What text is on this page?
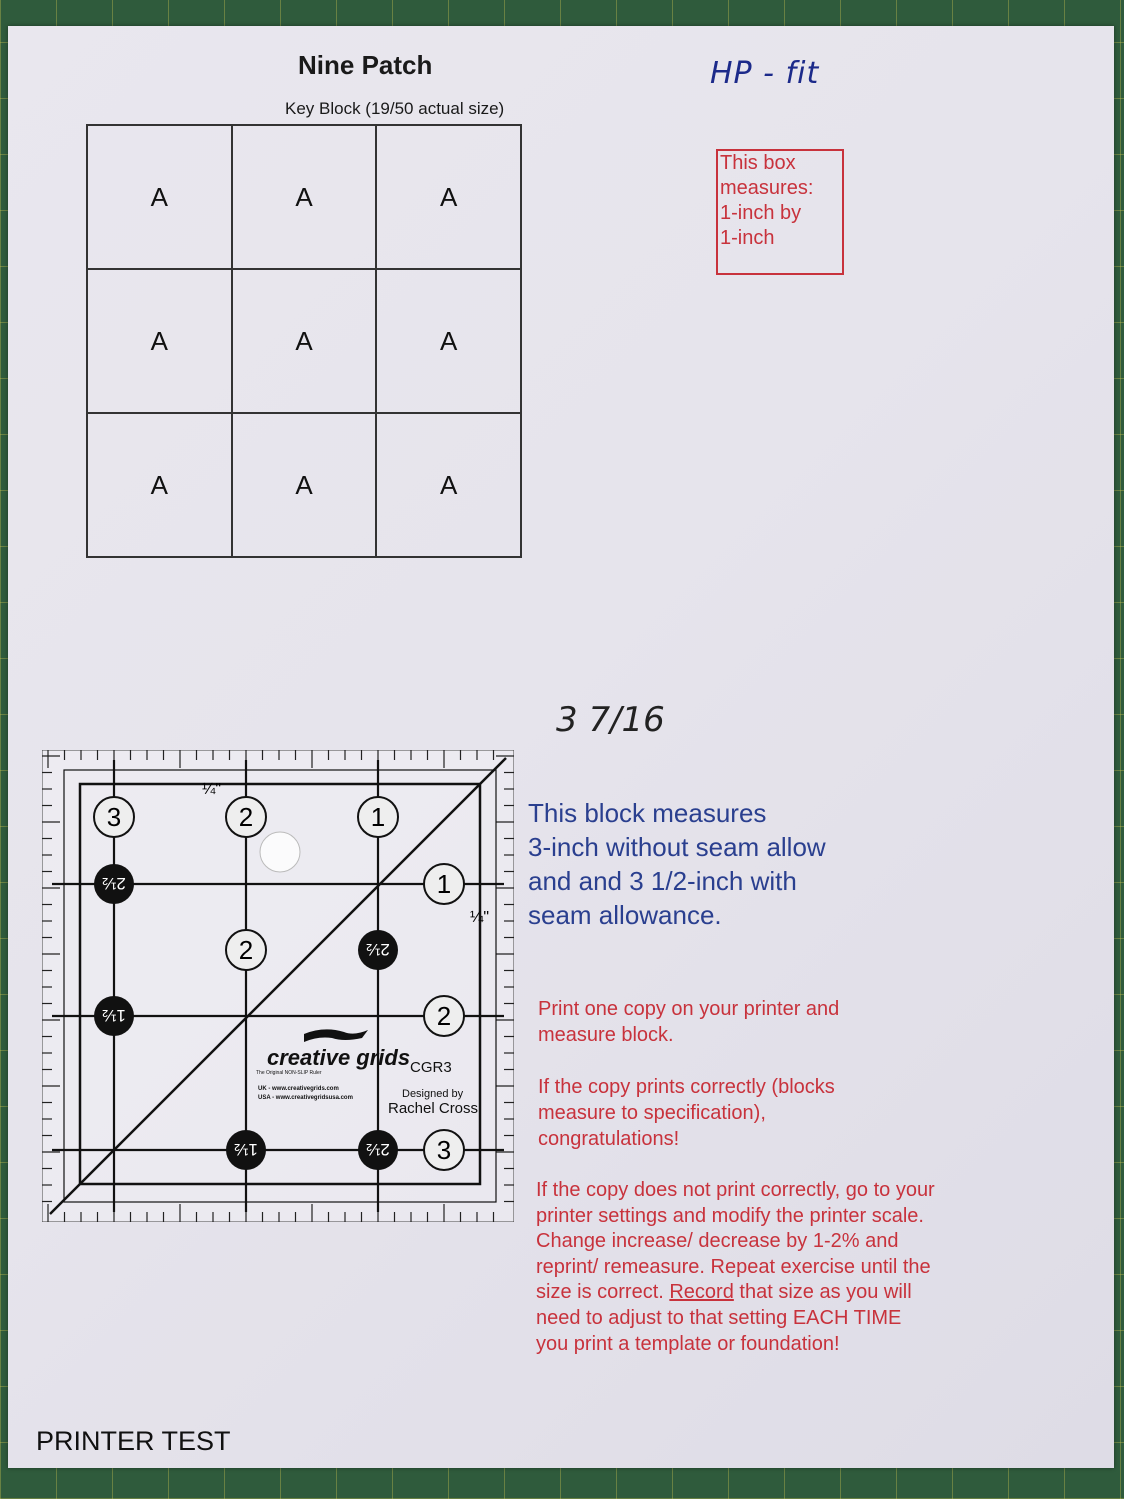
Nine Patch
Key Block (19/50 actual size)
HP - fit
A	A	A
A	A	A
A	A	A
This box
measures:
1-inch by
1-inch
3 7/16
This block measures
3-inch without seam allow
and and 3 1/2-inch with
seam allowance.
Print one copy on your printer and measure block.
If the copy prints correctly (blocks measure to specification), congratulations!
If the copy does not print correctly, go to your printer settings and modify the printer scale. Change increase/ decrease by 1-2% and reprint/ remeasure. Repeat exercise until the size is correct. Record that size as you will need to adjust to that setting EACH TIME you print a template or foundation!
PRINTER TEST
3	2	1
1
2
2
3
2½
2½
1½
1½	2½
¼"
¼"
creative grids
The Original NON-SLIP Ruler
UK - www.creativegrids.com
USA - www.creativegridsusa.com
CGR3
Designed by
Rachel Cross
